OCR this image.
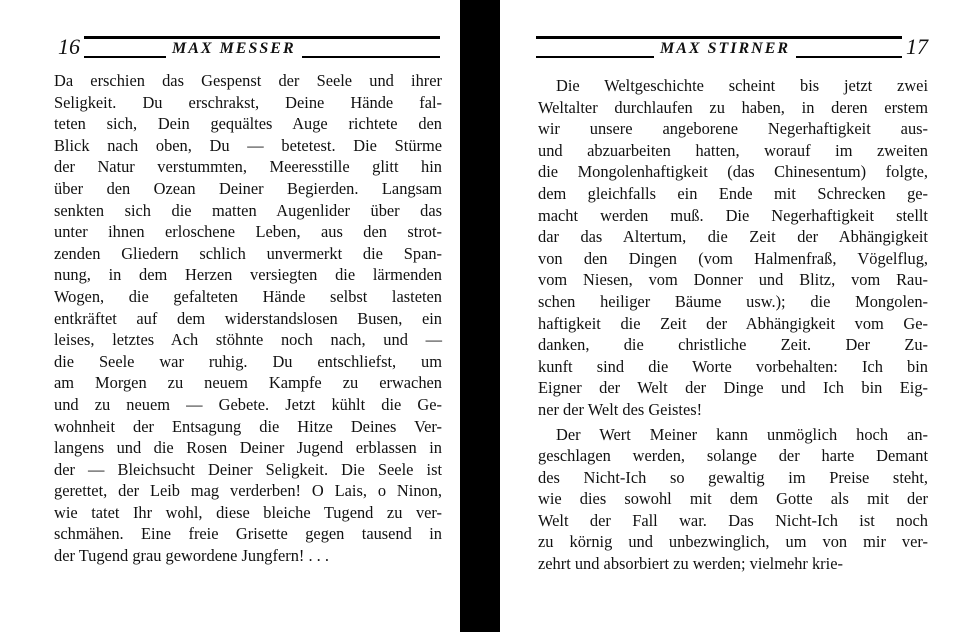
16	MAX MESSER
Da erschien das Gespenst der Seele und ihrer
Seligkeit. Du erschrakst, Deine Hände fal-
teten sich, Dein gequältes Auge richtete den
Blick nach oben, Du — betetest. Die Stürme
der Natur verstummten, Meeresstille glitt hin
über den Ozean Deiner Begierden. Langsam
senkten sich die matten Augenlider über das
unter ihnen erloschene Leben, aus den strot-
zenden Gliedern schlich unvermerkt die Span-
nung, in dem Herzen versiegten die lärmenden
Wogen, die gefalteten Hände selbst lasteten
entkräftet auf dem widerstandslosen Busen, ein
leises, letztes Ach stöhnte noch nach, und —
die Seele war ruhig. Du entschliefst, um
am Morgen zu neuem Kampfe zu erwachen
und zu neuem — Gebete. Jetzt kühlt die Ge-
wohnheit der Entsagung die Hitze Deines Ver-
langens und die Rosen Deiner Jugend erblassen in
der — Bleichsucht Deiner Seligkeit. Die Seele ist
gerettet, der Leib mag verderben! O Lais, o Ninon,
wie tatet Ihr wohl, diese bleiche Tugend zu ver-
schmähen. Eine freie Grisette gegen tausend in
der Tugend grau gewordene Jungfern! . . .
17
MAX STIRNER
Die Weltgeschichte scheint bis jetzt zwei
Weltalter durchlaufen zu haben, in deren erstem
wir unsere angeborene Negerhaftigkeit aus-
und abzuarbeiten hatten, worauf im zweiten
die Mongolenhaftigkeit (das Chinesentum) folgte,
dem gleichfalls ein Ende mit Schrecken ge-
macht werden muß. Die Negerhaftigkeit stellt
dar das Altertum, die Zeit der Abhängigkeit
von den Dingen (vom Halmenfraß, Vögelflug,
vom Niesen, vom Donner und Blitz, vom Rau-
schen heiliger Bäume usw.); die Mongolen-
haftigkeit die Zeit der Abhängigkeit vom Ge-
danken, die christliche Zeit. Der Zu-
kunft sind die Worte vorbehalten: Ich bin
Eigner der Welt der Dinge und Ich bin Eig-
ner der Welt des Geistes!
Der Wert Meiner kann unmöglich hoch an-
geschlagen werden, solange der harte Demant
des Nicht-Ich so gewaltig im Preise steht,
wie dies sowohl mit dem Gotte als mit der
Welt der Fall war. Das Nicht-Ich ist noch
zu körnig und unbezwinglich, um von mir ver-
zehrt und absorbiert zu werden; vielmehr krie-
